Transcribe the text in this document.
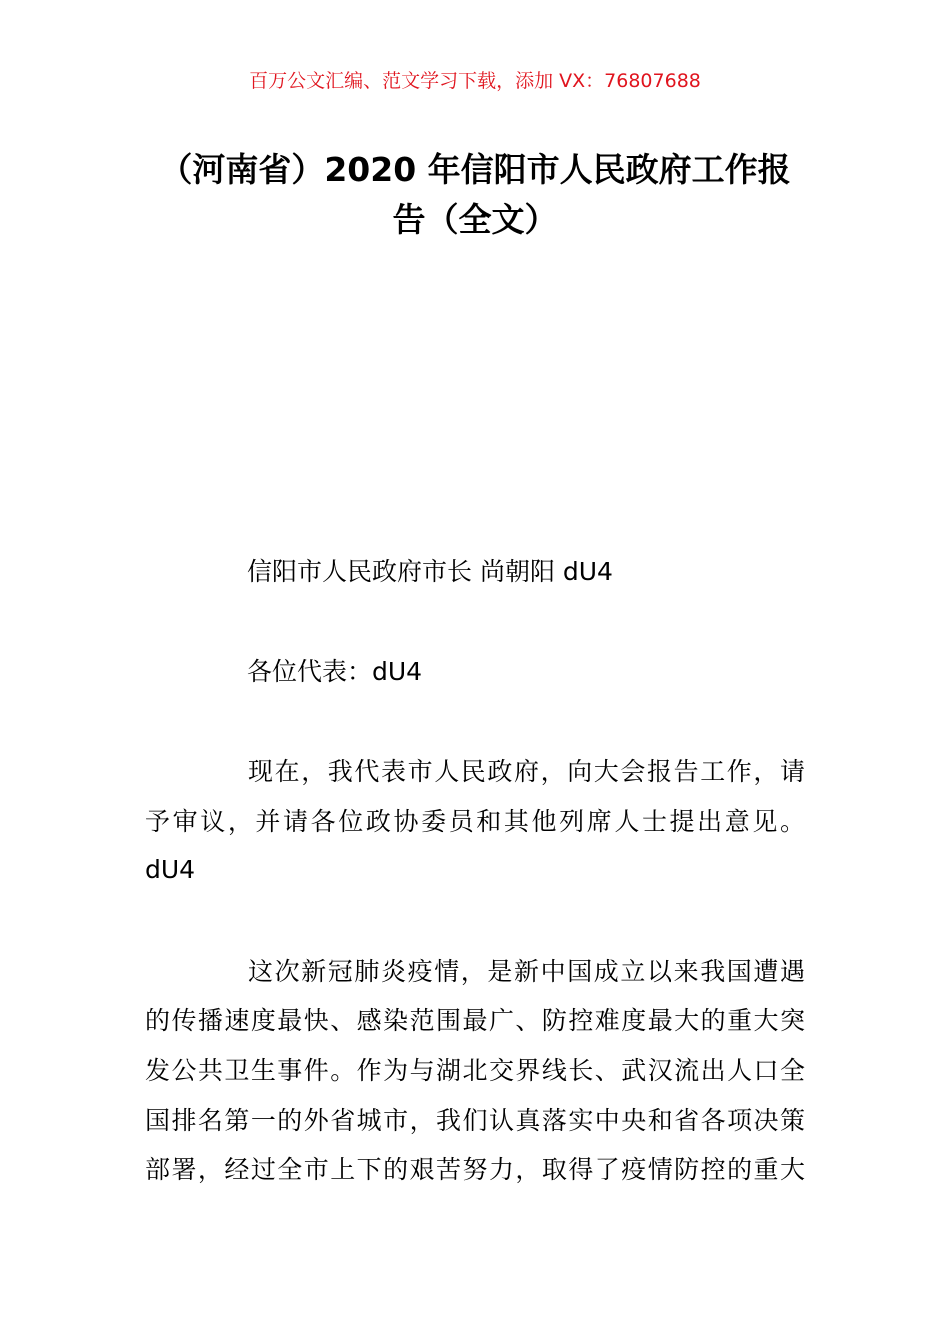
百万公文汇编、范文学习下载，添加 VX：76807688
（河南省）2020 年信阳市人民政府工作报
告（全文）
信阳市人民政府市长 尚朝阳 dU4
各位代表：dU4
现在，我代表市人民政府，向大会报告工作，请
予审议，并请各位政协委员和其他列席人士提出意见。
dU4
这次新冠肺炎疫情，是新中国成立以来我国遭遇
的传播速度最快、感染范围最广、防控难度最大的重大突
发公共卫生事件。作为与湖北交界线长、武汉流出人口全
国排名第一的外省城市，我们认真落实中央和省各项决策
部署，经过全市上下的艰苦努力，取得了疫情防控的重大
